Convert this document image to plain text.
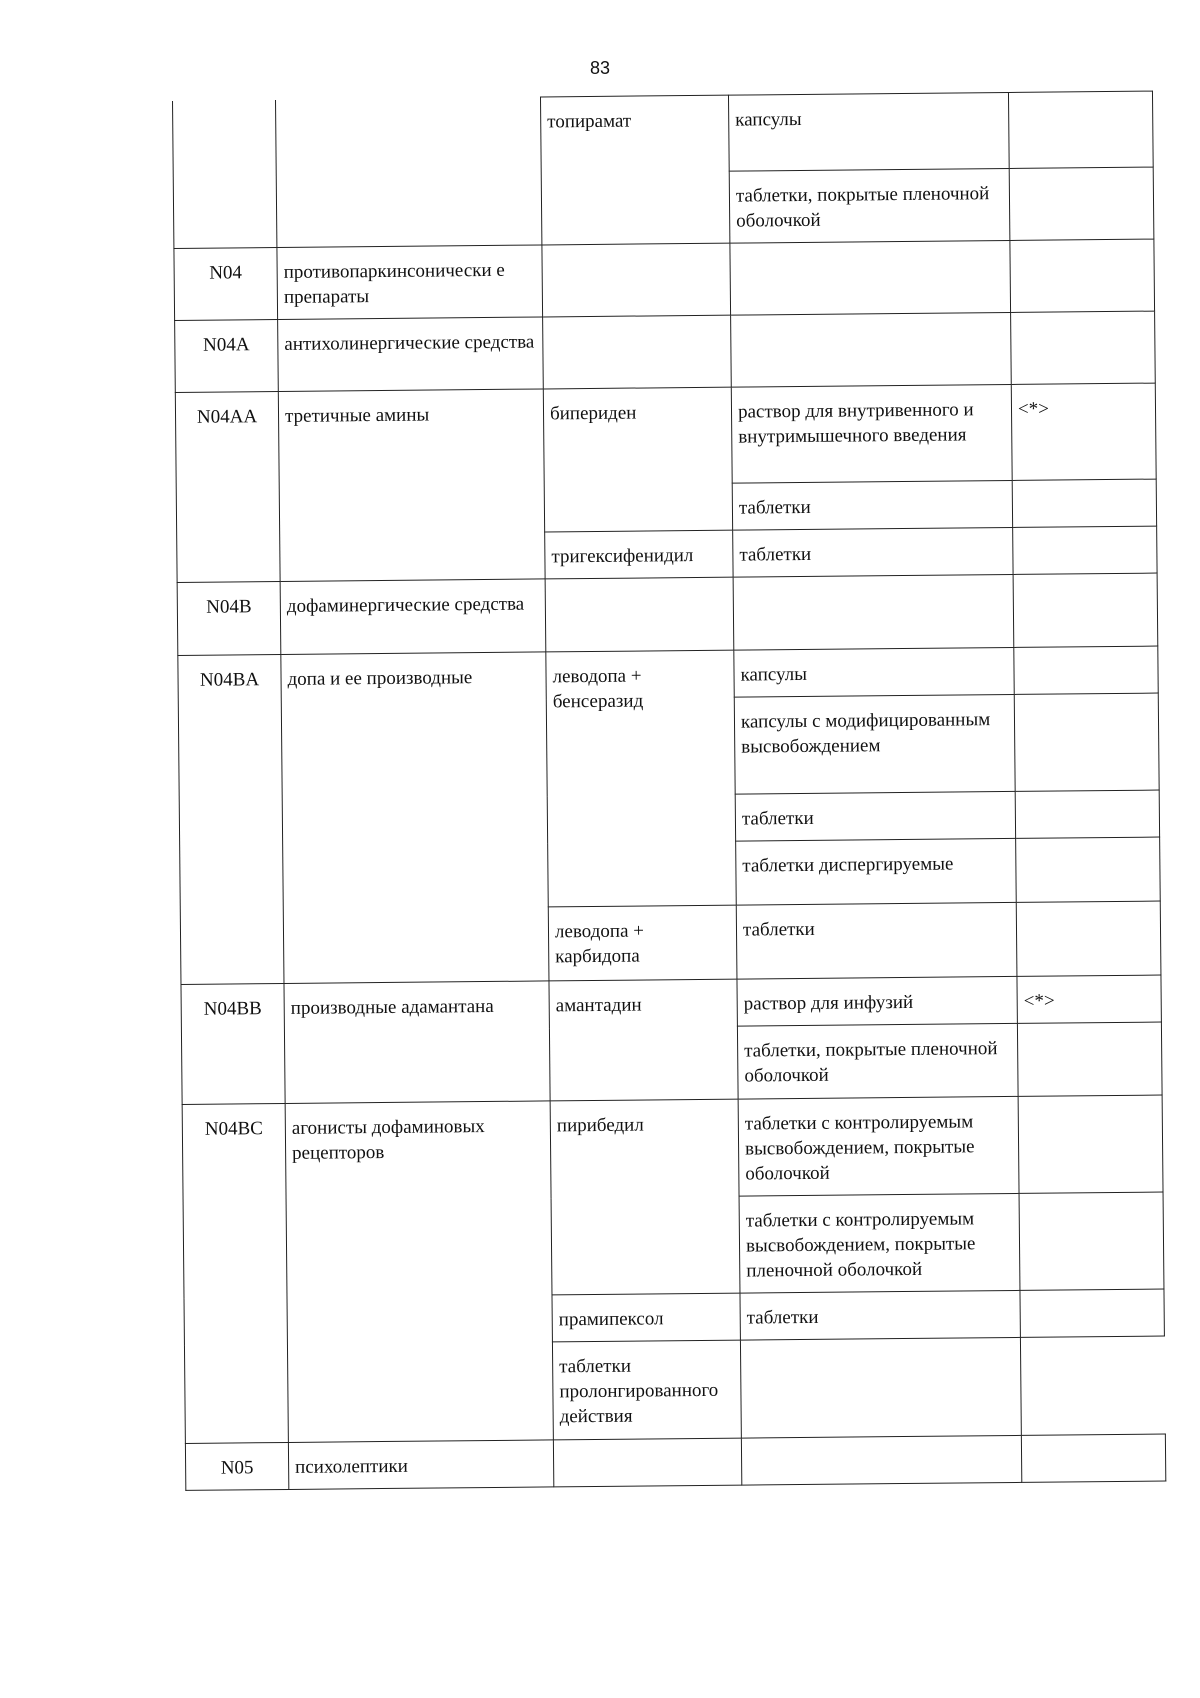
83
		топирамат	капсулы	
			таблетки, покрытые пленочной оболочкой	
N04	противопаркинсонически е препараты			
N04A	антихолинергические средства			
N04AA	третичные амины	бипериден	раствор для внутривенного и внутримышечного введения	<*>
			таблетки	
		тригексифенидил	таблетки	
N04B	дофаминергические средства			
N04BA	допа и ее производные	леводопа + бенсеразид	капсулы	
			капсулы с модифицированным высвобождением	
			таблетки	
			таблетки диспергируемые	
		леводопа + карбидопа	таблетки	
N04BB	производные адамантана	амантадин	раствор для инфузий	<*>
			таблетки, покрытые пленочной оболочкой	
N04BC	агонисты дофаминовых рецепторов	пирибедил	таблетки с контролируемым высвобождением, покрытые оболочкой	
			таблетки с контролируемым высвобождением, покрытые пленочной оболочкой	
		прамипексол	таблетки	
		таблетки пролонгированного действия		
N05	психолептики			
